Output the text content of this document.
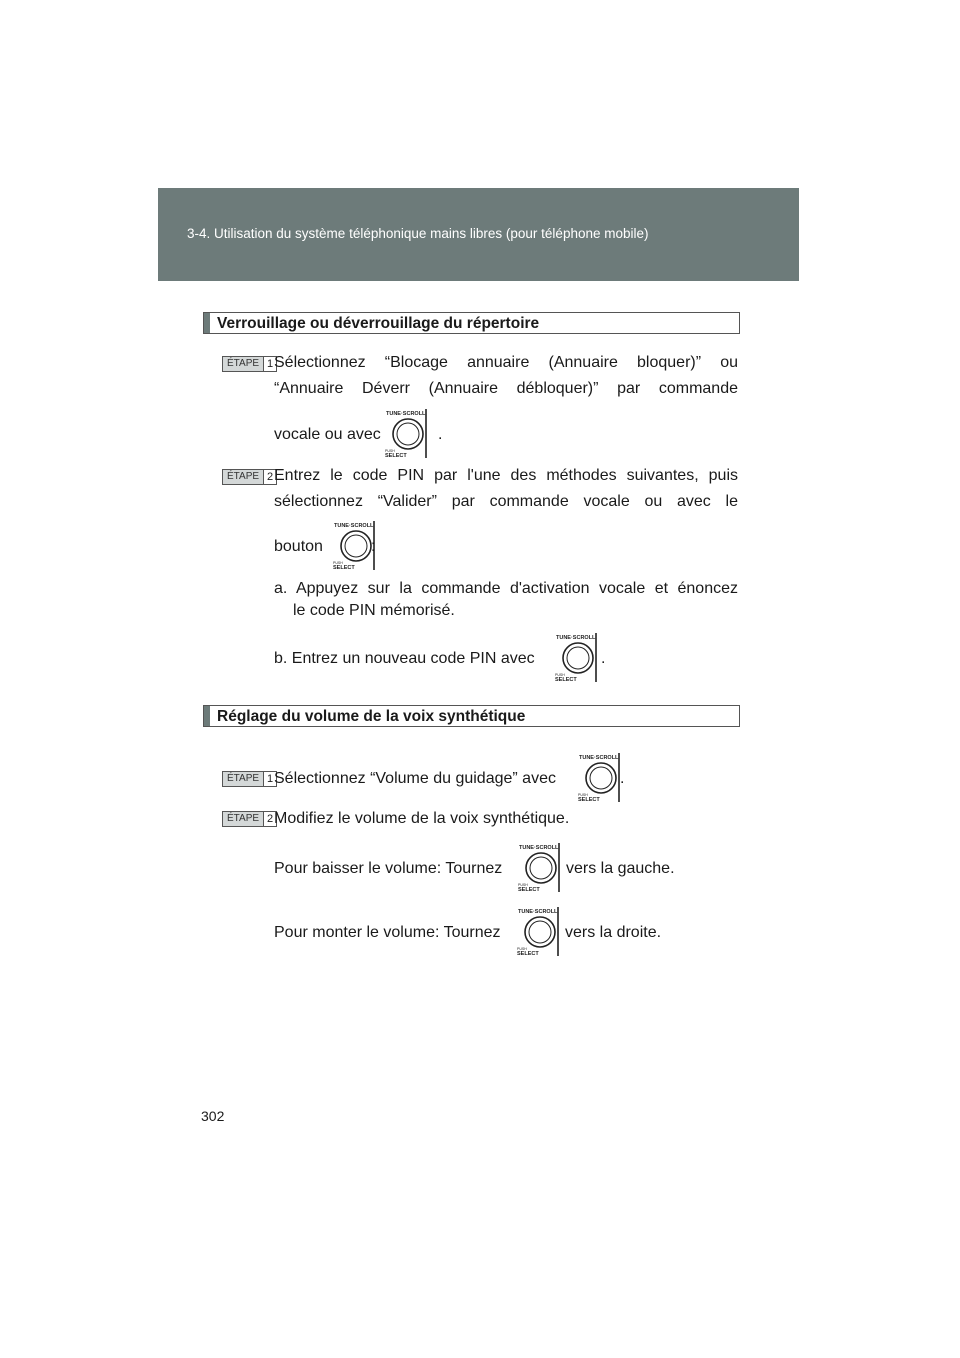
3-4. Utilisation du système téléphonique mains libres (pour téléphone mobile)
Verrouillage ou déverrouillage du répertoire
ÉTAPE 1 Sélectionnez “Blocage annuaire (Annuaire bloquer)” ou “Annuaire Déverr (Annuaire débloquer)” par commande

vocale ou avec	.
ÉTAPE 2 Entrez le code PIN par l'une des méthodes suivantes, puis sélectionnez “Valider” par commande vocale ou avec le

bouton	:

a. Appuyez sur la commande d'activation vocale et énoncez

le code PIN mémorisé.
b. Entrez un nouveau code PIN avec	.
Réglage du volume de la voix synthétique
ÉTAPE 1 Sélectionnez “Volume du guidage” avec	.
ÉTAPE 2 Modifiez le volume de la voix synthétique.
Pour baisser le volume: Tournez	vers la gauche.
Pour monter le volume: Tournez	vers la droite.
302
